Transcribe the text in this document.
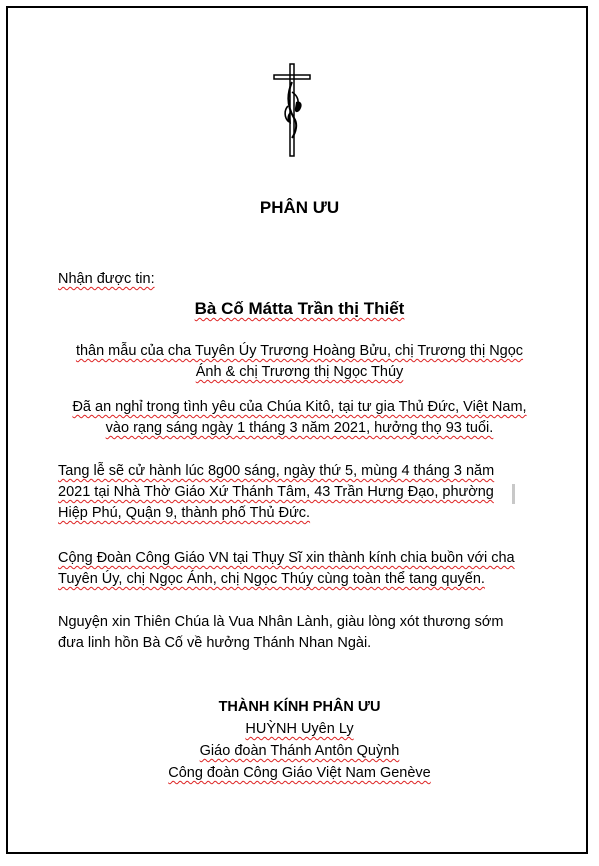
PHÂN ƯU
Nhận được tin:
Bà Cố Mátta Trần thị Thiết
thân mẫu của cha Tuyên Úy Trương Hoàng Bửu, chị Trương thị Ngọc
Ánh & chị Trương thị Ngọc Thúy
Đã an nghỉ trong tình yêu của Chúa Kitô, tại tư gia Thủ Đức, Việt Nam,
vào rạng sáng ngày 1 tháng 3 năm 2021, hưởng thọ 93 tuổi.
Tang lễ sẽ cử hành lúc 8g00 sáng, ngày thứ 5, mùng 4 tháng 3 năm
2021 tại Nhà Thờ Giáo Xứ Thánh Tâm, 43 Trần Hưng Đạo, phường
Hiệp Phú, Quận 9, thành phố Thủ Đức.
Cộng Đoàn Công Giáo VN tại Thụy Sĩ xin thành kính chia buồn với cha
Tuyên Úy, chị Ngọc Ánh, chị Ngọc Thúy cùng toàn thể tang quyến.
Nguyện xin Thiên Chúa là Vua Nhân Lành, giàu lòng xót thương sớm
đưa linh hồn Bà Cố về hưởng Thánh Nhan Ngài.
THÀNH KÍNH PHÂN ƯU
HUỲNH Uyên Ly
Giáo đoàn Thánh Antôn Quỳnh
Công đoàn Công Giáo Việt Nam Genève
